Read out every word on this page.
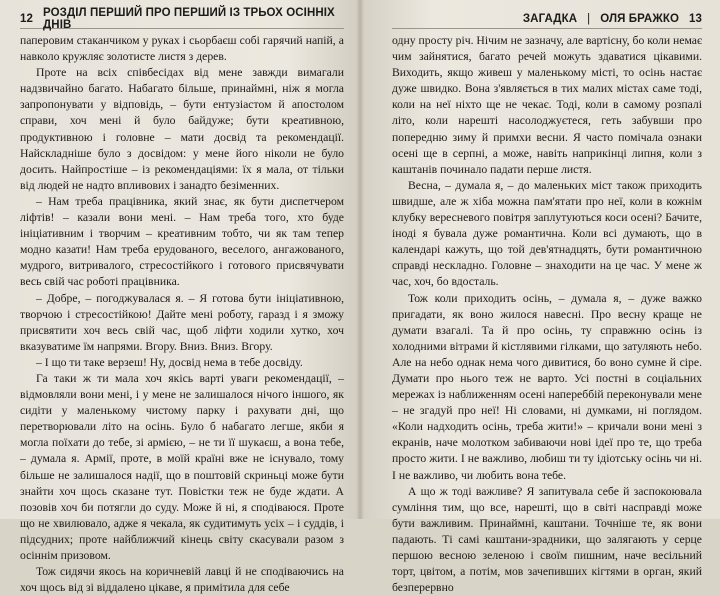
12 РОЗДІЛ ПЕРШИЙ ПРО ПЕРШИЙ ІЗ ТРЬОХ ОСІННІХ ДНІВ

паперовим стаканчиком у руках і сьорбаєш собі гарячий напій, а навколо кружляє золотисте листя з дерев.

Проте на всіх співбесідах від мене завжди вимагали надзвичайно багато. Набагато більше, принаймні, ніж я могла запропонувати у відповідь, – бути ентузіастом й апостолом справи, хоч мені й було байдуже; бути креативною, продуктивною і головне – мати досвід та рекомендації. Найскладніше було з досвідом: у мене його ніколи не було досить. Найпростіше – із рекомендаціями: їх я мала, от тільки від людей не надто впливових і занадто безіменних.

– Нам треба працівника, який знає, як бути диспетчером ліфтів! – казали вони мені. – Нам треба того, хто буде ініціативним і творчим – креативним тобто, чи як там тепер модно казати! Нам треба ерудованого, веселого, ангажованого, мудрого, витривалого, стресостійкого і готового присвячувати весь свій час роботі працівника.

– Добре, – погоджувалася я. – Я готова бути ініціативною, творчою і стресостійкою! Дайте мені роботу, гаразд і я зможу присвятити хоч весь свій час, щоб ліфти ходили хутко, хоч вказуватиме їм напрями. Вгору. Вниз. Вниз. Вгору.

– І що ти таке верзеш! Ну, досвід нема в тебе досвіду.

Га таки ж ти мала хоч якісь варті уваги рекомендації, – відмовляли вони мені, і у мене не залишалося нічого іншого, як сидіти у маленькому чистому парку і рахувати дні, що перетворювали літо на осінь. Було б набагато легше, якби я могла поїхати до тебе, зі армією, – не ти її шукаєш, а вона тебе, – думала я. Армії, проте, в моїй країні вже не існувало, тому більше не залишалося надії, що в поштовій скриньці може бути знайти хоч щось сказане тут. Повістки теж не буде ждати. А позовів хоч би потягли до суду. Може й ні, я сподіваюся. Проте що не хвилювало, адже я чекала, як судитимуть усіх – і суддів, і підсудних; проте найближчий кінець світу скасували разом з осіннім призовом.

Тож сидячи якось на коричневій лавці й не сподіваючись на хоч щось від зі віддалено цікаве, я примітила для себе

ЗАГАДКА | ОЛЯ БРАЖКО 13

одну просту річ. Нічим не зазначу, але вартісну, бо коли немає чим зайнятися, багато речей можуть здаватися цікавими. Виходить, якщо живеш у маленькому місті, то осінь настає дуже швидко. Вона з'являється в тих малих містах саме тоді, коли на неї ніхто ще не чекає. Тоді, коли в самому розпалі літо, коли нарешті насолоджуєтеся, геть забувши про попередню зиму й примхи весни. Я часто помічала ознаки осені ще в серпні, а може, навіть наприкінці липня, коли з каштанів починало падати перше листя.

Весна, – думала я, – до маленьких міст також приходить швидше, але ж хіба можна пам'ятати про неї, коли в кожнім клубку вересневого повітря заплутуються коси осені? Бачите, іноді я бувала дуже романтична. Коли всі думають, що в календарі кажуть, що той дев'ятнадцять, бути романтичною справді нескладно. Головне – знаходити на це час. У мене ж час, хоч, бо вдосталь.

Тож коли приходить осінь, – думала я, – дуже важко пригадати, як воно жилося навесні. Про весну краще не думати взагалі. Та й про осінь, ту справжню осінь із холодними вітрами й кістлявими гілками, що затуляють небо. Але на небо однак нема чого дивитися, бо воно сумне й сіре. Думати про нього теж не варто. Усі постні в соціальних мережах із наближенням осені напереббій переконували мене – не згадуй про неї! Ні словами, ні думками, ні поглядом. «Коли надходить осінь, треба жити!» – кричали вони мені з екранів, наче молотком забиваючи нові ідеї про те, що треба просто жити. І не важливо, любиш ти ту ідіотську осінь чи ні. І не важливо, чи любить вона тебе.

А що ж тоді важливе? Я запитувала себе й заспокоювала сумління тим, що все, нарешті, що в світі насправді може бути важливим. Принаймні, каштани. Точніше те, як вони падають. Ті самі каштани-зрадники, що залягають у серце першою весною зеленою і своїм пишним, наче весільний торт, цвітом, а потім, мов зачепивших кігтями в орган, який безперервно
